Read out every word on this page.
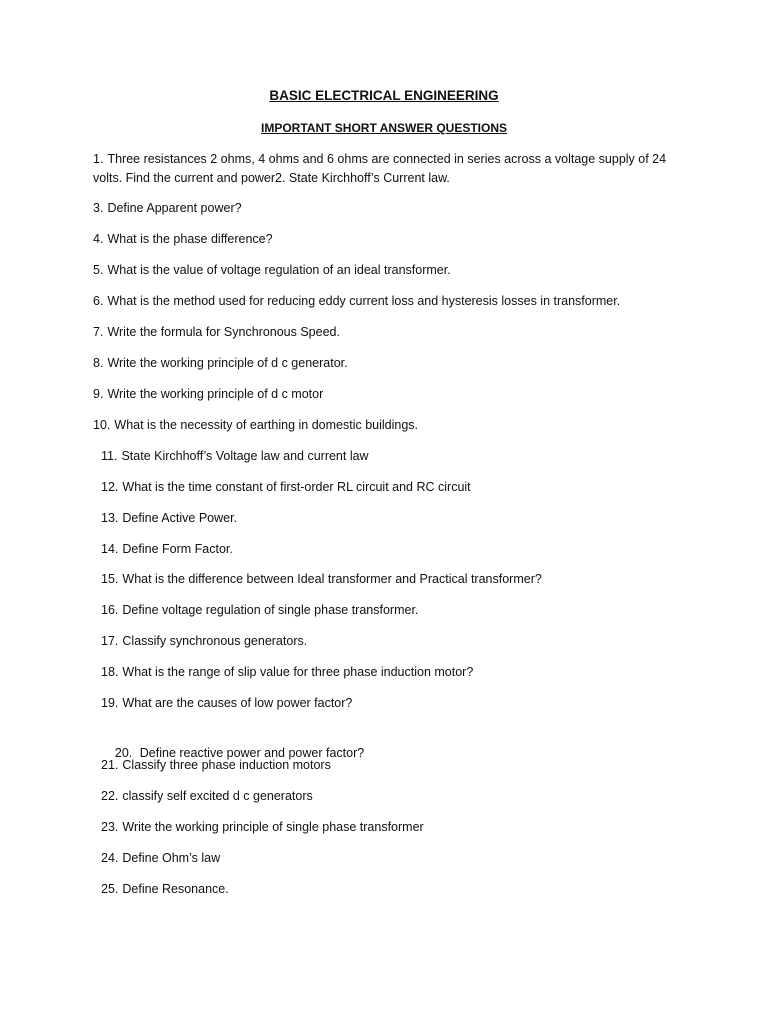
BASIC ELECTRICAL ENGINEERING

IMPORTANT SHORT ANSWER QUESTIONS

1. Three resistances 2 ohms, 4 ohms and 6 ohms are connected in series across a voltage supply of 24 volts. Find the current and power2. State Kirchhoff’s Current law.

3. Define Apparent power?

4. What is the phase difference?

5. What is the value of voltage regulation of an ideal transformer.

6. What is the method used for reducing eddy current loss and hysteresis losses in transformer.

7. Write the formula for Synchronous Speed.

8. Write the working principle of d c generator.

9. Write the working principle of d c motor

10. What is the necessity of earthing in domestic buildings.

11. State Kirchhoff’s Voltage law and current law

12. What is the time constant of first-order RL circuit and RC circuit

13. Define Active Power.

14. Define Form Factor.

15. What is the difference between Ideal transformer and Practical transformer?

16. Define voltage regulation of single phase transformer.

17. Classify synchronous generators.

18. What is the range of slip value for three phase induction motor?

19. What are the causes of low power factor?

20. Define reactive power and power factor?

21. Classify three phase induction motors

22. classify self excited d c generators

23. Write the working principle of single phase transformer

24. Define Ohm’s law

25. Define Resonance.
